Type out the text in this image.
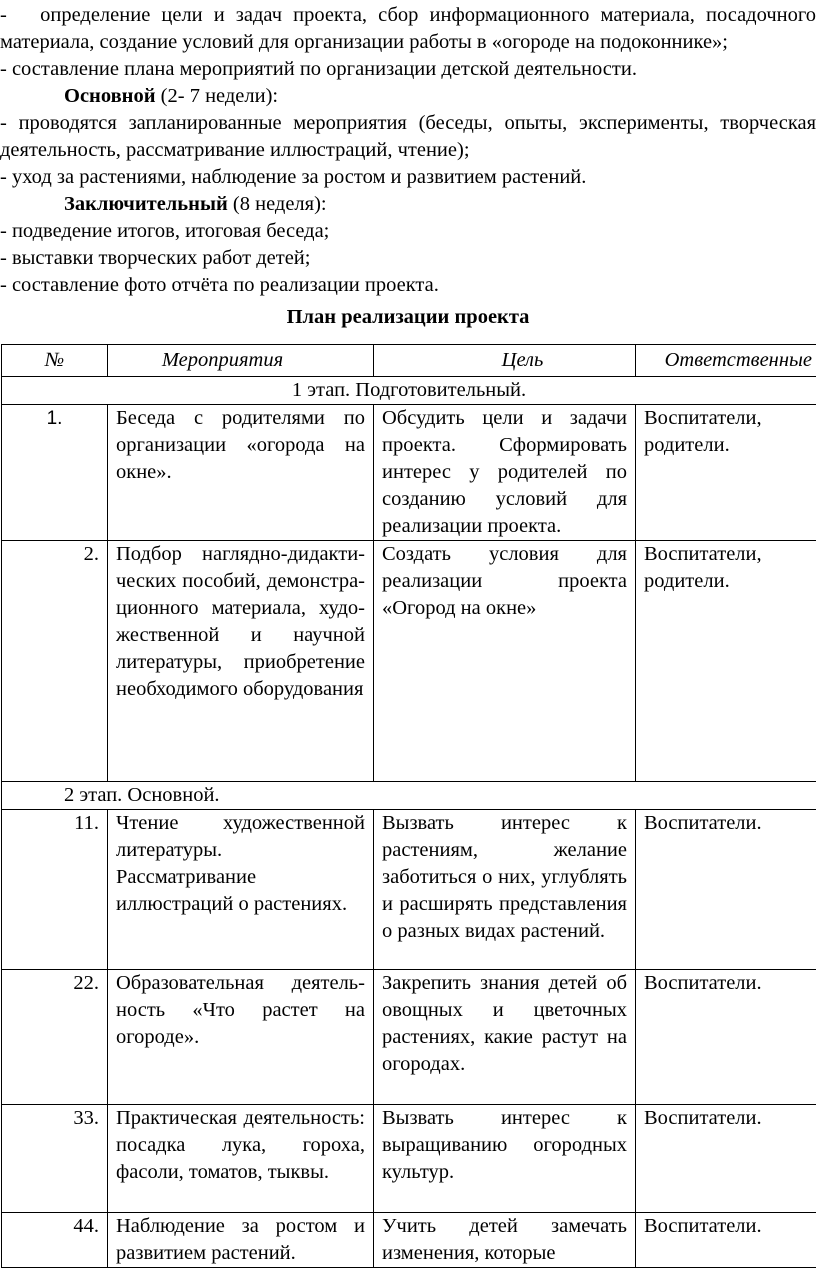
-   определение цели и задач проекта, сбор информационного материала, посадочного материала, создание условий для организации работы в «огороде на подоконнике»;

- составление плана мероприятий по организации детской деятельности.

Основной (2- 7 недели):

- проводятся запланированные мероприятия (беседы, опыты, эксперименты, творческая деятельность, рассматривание иллюстраций, чтение);

- уход за растениями, наблюдение за ростом и развитием растений.

Заключительный (8 неделя):

- подведение итогов, итоговая беседа;

- выставки творческих работ детей;

- составление фото отчёта по реализации проекта.

План реализации проекта

№	Мероприятия	Цель	Ответственные
1 этап. Подготовительный.			
1.	Беседа с родителями по организации «огорода на окне».	Обсудить цели и задачи проекта. Сформировать интерес у родителей по созданию условий для реализации проекта.	Воспитатели, родители.
2.	Подбор наглядно-дидакти-ческих пособий, демонстра-ционного материала, худо-жественной и научной литературы, приобретение необходимого оборудования	Создать условия для реализации проекта «Огород на окне»	Воспитатели, родители.
2 этап. Основной.			
11.	Чтение художественной литературы. Рассматривание иллюстраций о растениях.	Вызвать интерес к растениям, желание заботиться о них, углублять и расширять представления о разных видах растений.	Воспитатели.
22.	Образовательная деятель-ность «Что растет на огороде».	Закрепить знания детей об овощных и цветочных растениях, какие растут на огородах.	Воспитатели.
33.	Практическая деятельность: посадка лука, гороха, фасоли, томатов, тыквы.	Вызвать интерес к выращиванию огородных культур.	Воспитатели.
44.	Наблюдение за ростом и развитием растений.	Учить детей замечать изменения, которые	Воспитатели.
